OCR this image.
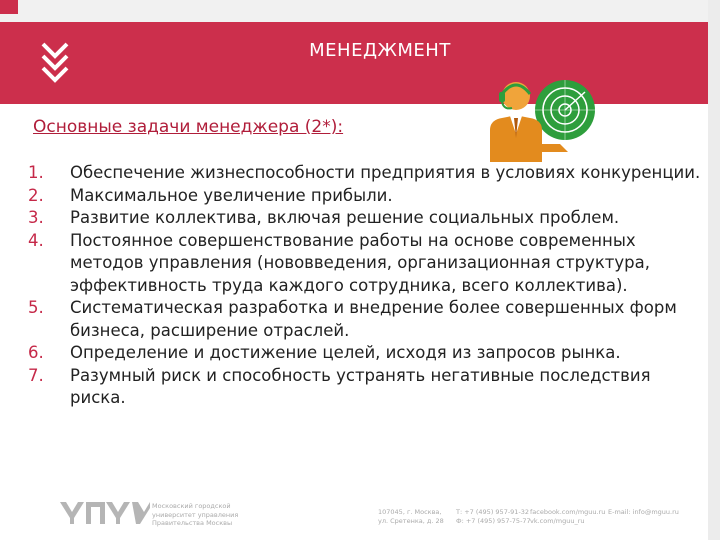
МЕНЕДЖМЕНТ
Основные задачи менеджера (2*):
1. Обеспечение жизнеспособности предприятия в условиях конкуренции.
2. Максимальное увеличение прибыли.
3. Развитие коллектива, включая решение социальных проблем.
4. Постоянное совершенствование работы на основе современных методов управления (нововведения, организационная структура, эффективность труда каждого сотрудника, всего коллектива).
5. Систематическая разработка и внедрение более совершенных форм бизнеса, расширение отраслей.
6. Определение и достижение целей, исходя из запросов рынка.
7. Разумный риск и способность устранять негативные последствия риска.
Московский городской
университет управления
Правительства Москвы
107045, г. Москва,
ул. Сретенка, д. 28
Т: +7 (495) 957-91-32
Ф: +7 (495) 957-75-77
facebook.com/mguu.ru
vk.com/mguu_ru
E-mail: info@mguu.ru
